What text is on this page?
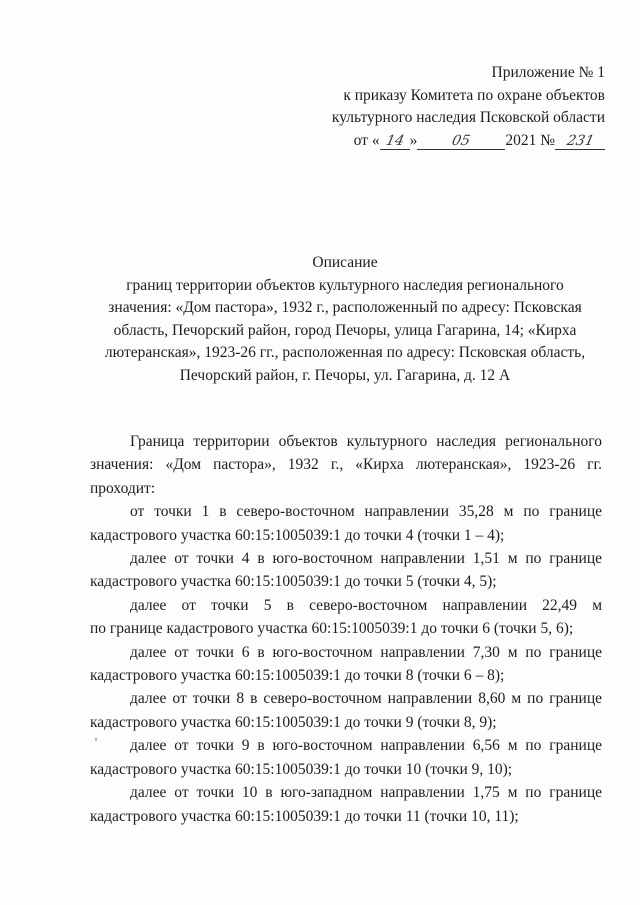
Приложение № 1
к приказу Комитета по охране объектов
культурного наследия Псковской области
от « 14 » 05 2021 № 231
Описание
границ территории объектов культурного наследия регионального
значения: «Дом пастора», 1932 г., расположенный по адресу: Псковская
область, Печорский район, город Печоры, улица Гагарина, 14; «Кирха
лютеранская», 1923-26 гг., расположенная по адресу: Псковская область,
Печорский район, г. Печоры, ул. Гагарина, д. 12 А
Граница территории объектов культурного наследия регионального
значения: «Дом пастора», 1932 г., «Кирха лютеранская», 1923-26 гг.
проходит:
от точки 1 в северо-восточном направлении 35,28 м по границе
кадастрового участка 60:15:1005039:1 до точки 4 (точки 1 – 4);
далее от точки 4 в юго-восточном направлении 1,51 м по границе
кадастрового участка 60:15:1005039:1 до точки 5 (точки 4, 5);
далее от точки 5 в северо-восточном направлении 22,49 м
по границе кадастрового участка 60:15:1005039:1 до точки 6 (точки 5, 6);
далее от точки 6 в юго-восточном направлении 7,30 м по границе
кадастрового участка 60:15:1005039:1 до точки 8 (точки 6 – 8);
далее от точки 8 в северо-восточном направлении 8,60 м по границе
кадастрового участка 60:15:1005039:1 до точки 9 (точки 8, 9);
далее от точки 9 в юго-восточном направлении 6,56 м по границе
кадастрового участка 60:15:1005039:1 до точки 10 (точки 9, 10);
далее от точки 10 в юго-западном направлении 1,75 м по границе
кадастрового участка 60:15:1005039:1 до точки 11 (точки 10, 11);
